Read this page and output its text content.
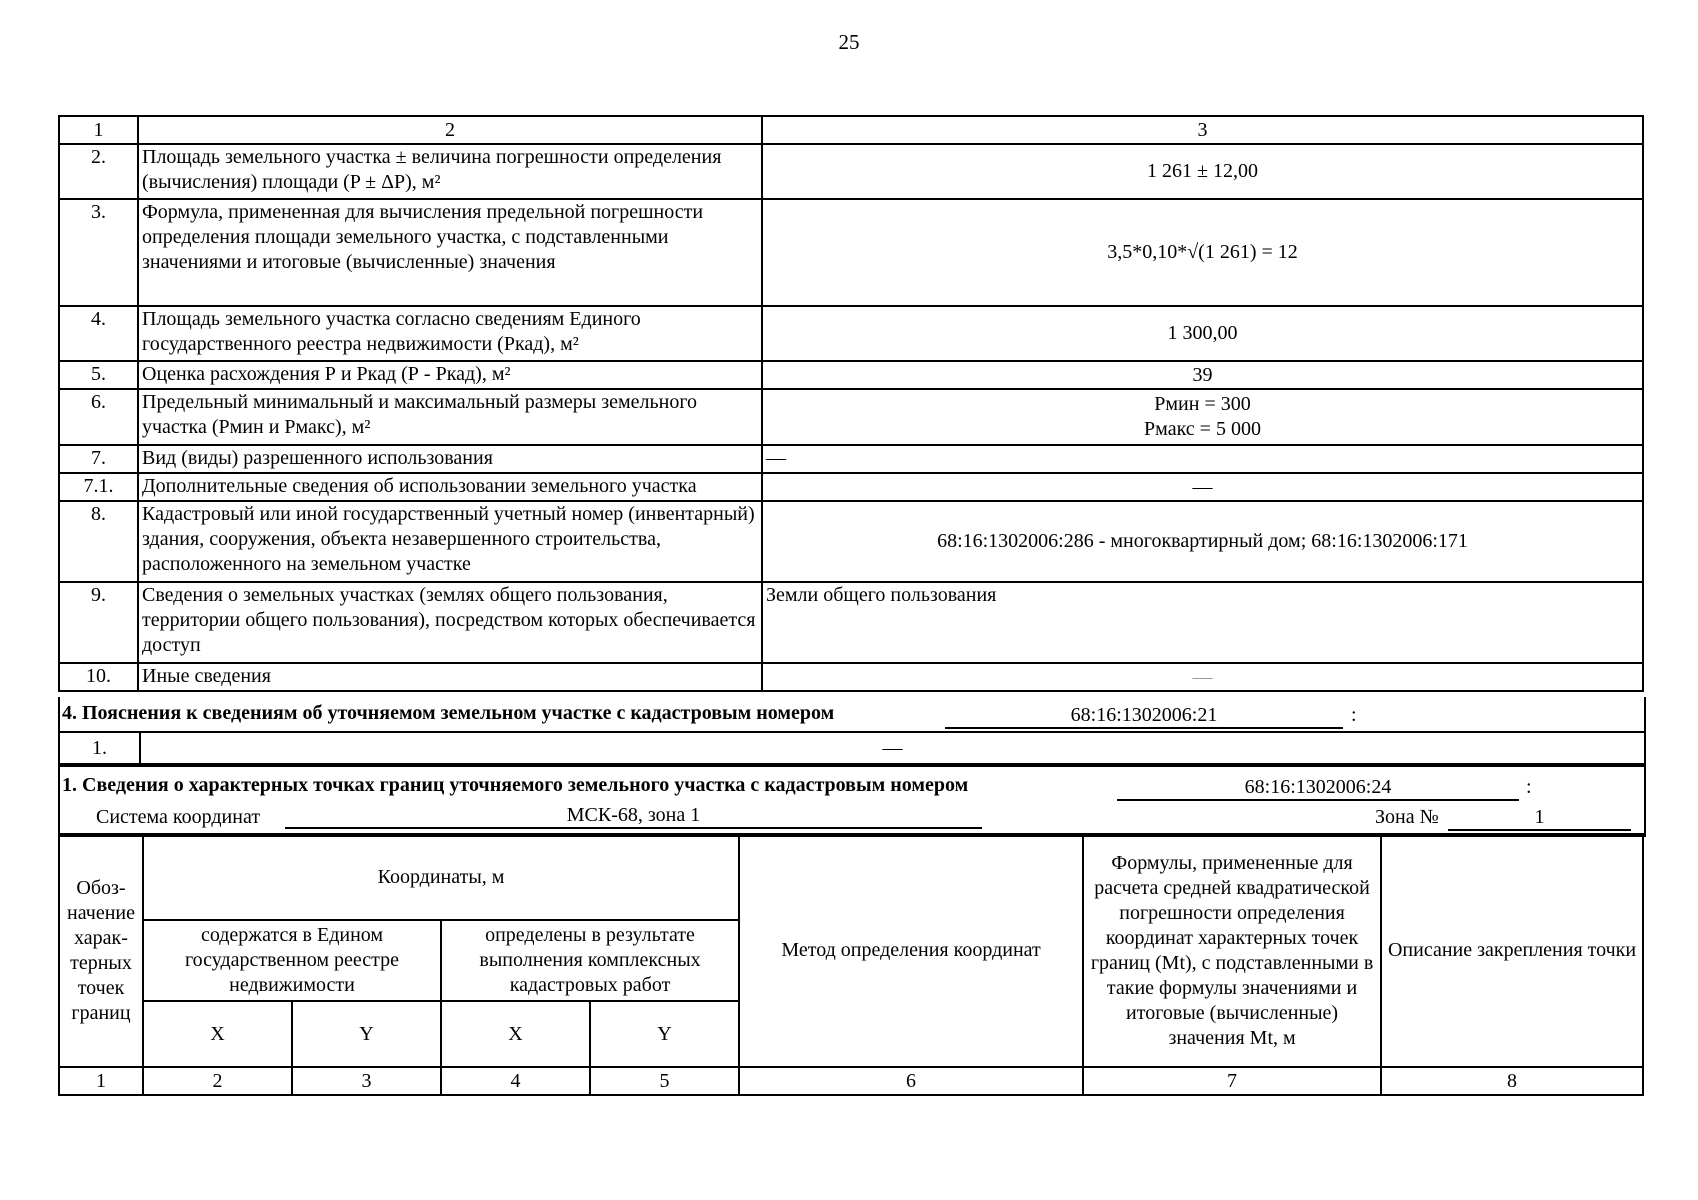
25
1	2	3
2.	Площадь земельного участка ± величина погрешности определения (вычисления) площади (P ± ΔP), м²	1 261 ± 12,00
3.	Формула, примененная для вычисления предельной погрешности определения площади земельного участка, с подставленными значениями и итоговые (вычисленные) значения	3,5*0,10*√(1 261) = 12
4.	Площадь земельного участка согласно сведениям Единого государственного реестра недвижимости (Ркад), м²	1 300,00
5.	Оценка расхождения Р и Ркад (Р - Ркад), м²	39
6.	Предельный минимальный и максимальный размеры земельного участка (Рмин и Рмакс), м²	Рмин = 300
Рмакс = 5 000

7.	Вид (виды) разрешенного использования	—
7.1.	Дополнительные сведения об использовании земельного участка	—
8.	Кадастровый или иной государственный учетный номер (инвентарный) здания, сооружения, объекта незавершенного строительства, расположенного на земельном участке	68:16:1302006:286 - многоквартирный дом; 68:16:1302006:171
9.	Сведения о земельных участках (землях общего пользования, территории общего пользования), посредством которых обеспечивается доступ	Земли общего пользования
10.	Иные сведения	—
4. Пояснения к сведениям об уточняемом земельном участке с кадастровым номером	68:16:1302006:21	:
1.	—
1. Сведения о характерных точках границ уточняемого земельного участка с кадастровым номером	68:16:1302006:24	:
Система координат	МСК-68, зона 1	Зона №	1
Обоз-начение харак-терных точек границ	Координаты, м				Метод определения координат	Формулы, примененные для расчета средней квадратической погрешности определения координат характерных точек границ (Mt), с подставленными в такие формулы значениями и итоговые (вычисленные) значения Mt, м	Описание закрепления точки
	содержатся в Едином государственном реестре недвижимости		определены в результате выполнения комплексных кадастровых работ				
	X	Y	X	Y			
1	2	3	4	5	6	7	8
